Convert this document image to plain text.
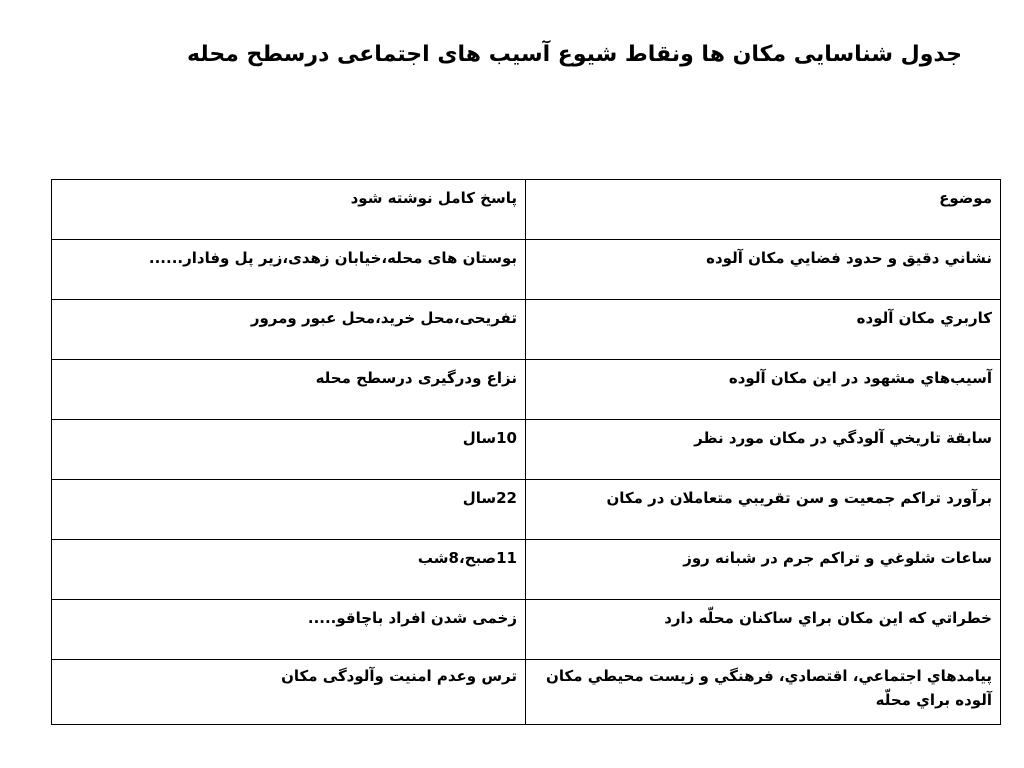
جدول شناسایی مکان ها ونقاط شیوع آسیب های اجتماعی درسطح محله
موضوع	پاسخ کامل نوشته شود
نشاني دقيق و حدود فضايي مکان آلوده	بوستان های محله،خیابان زهدی،زیر پل وفادار......
کاربري مکان آلوده	تفریحی،محل خرید،محل عبور ومرور
آسيب‌هاي مشهود در اين مکان آلوده	نزاع ودرگیری درسطح محله
سابقة تاريخي آلودگي در مکان مورد نظر	10سال
برآورد تراکم جمعيت و سن تقريبي متعاملان در مکان	22سال
ساعات شلوغي و تراکم جرم در شبانه روز	11صبح،8شب
خطراتي که اين مکان براي ساکنان محلّه دارد	زخمی شدن افراد باچاقو.....
پيامدهاي اجتماعي، اقتصادي، فرهنگي و زيست محيطي مکان آلوده براي محلّه	ترس وعدم امنیت وآلودگی مکان
